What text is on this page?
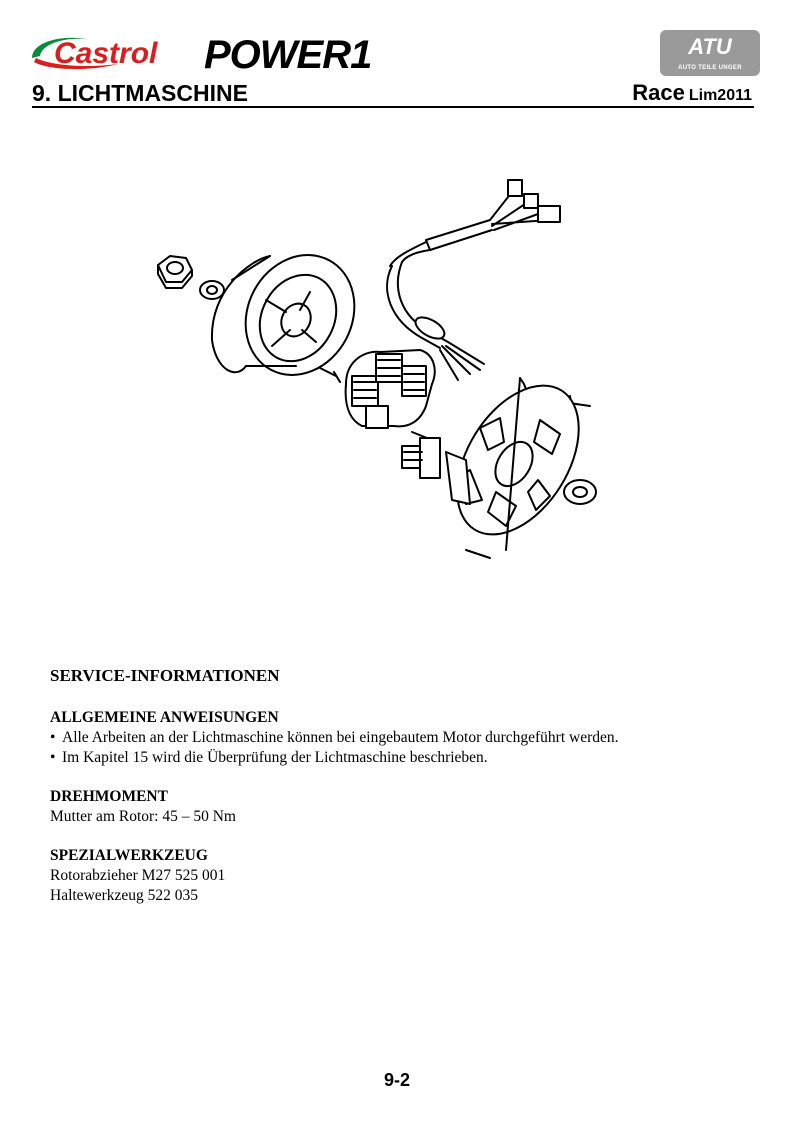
Castrol POWER1	ATU
AUTO TEILE UNGER
9. LICHTMASCHINE	Race Lim2011
SERVICE-INFORMATIONEN
ALLGEMEINE ANWEISUNGEN
• Alle Arbeiten an der Lichtmaschine können bei eingebautem Motor durchgeführt werden.
• Im Kapitel 15 wird die Überprüfung der Lichtmaschine beschrieben.
DREHMOMENT
Mutter am Rotor: 45 – 50 Nm
SPEZIALWERKZEUG
Rotorabzieher M27 525 001
Haltewerkzeug 522 035
9-2
